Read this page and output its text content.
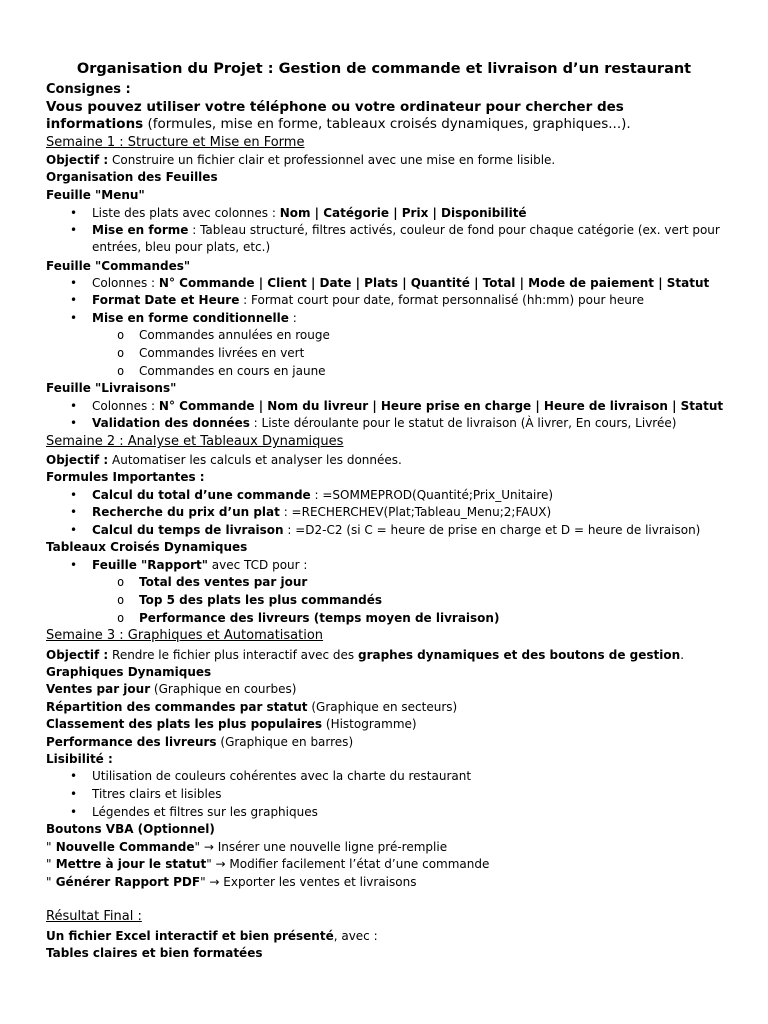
Organisation du Projet : Gestion de commande et livraison d’un restaurant
Consignes :
Vous pouvez utiliser votre téléphone ou votre ordinateur pour chercher des
informations (formules, mise en forme, tableaux croisés dynamiques, graphiques...).
Semaine 1 : Structure et Mise en Forme
Objectif : Construire un fichier clair et professionnel avec une mise en forme lisible.
Organisation des Feuilles
Feuille "Menu"
• Liste des plats avec colonnes : Nom | Catégorie | Prix | Disponibilité
• Mise en forme : Tableau structuré, filtres activés, couleur de fond pour chaque catégorie (ex. vert pour
entrées, bleu pour plats, etc.)
Feuille "Commandes"
• Colonnes : N° Commande | Client | Date | Plats | Quantité | Total | Mode de paiement | Statut
• Format Date et Heure : Format court pour date, format personnalisé (hh:mm) pour heure
• Mise en forme conditionnelle :
o Commandes annulées en rouge
o Commandes livrées en vert
o Commandes en cours en jaune
Feuille "Livraisons"
• Colonnes : N° Commande | Nom du livreur | Heure prise en charge | Heure de livraison | Statut
• Validation des données : Liste déroulante pour le statut de livraison (À livrer, En cours, Livrée)
Semaine 2 : Analyse et Tableaux Dynamiques
Objectif : Automatiser les calculs et analyser les données.
Formules Importantes :
• Calcul du total d’une commande : =SOMMEPROD(Quantité;Prix_Unitaire)
• Recherche du prix d’un plat : =RECHERCHEV(Plat;Tableau_Menu;2;FAUX)
• Calcul du temps de livraison : =D2-C2 (si C = heure de prise en charge et D = heure de livraison)
Tableaux Croisés Dynamiques
• Feuille "Rapport" avec TCD pour :
o Total des ventes par jour
o Top 5 des plats les plus commandés
o Performance des livreurs (temps moyen de livraison)
Semaine 3 : Graphiques et Automatisation
Objectif : Rendre le fichier plus interactif avec des graphes dynamiques et des boutons de gestion.
Graphiques Dynamiques
Ventes par jour (Graphique en courbes)
Répartition des commandes par statut (Graphique en secteurs)
Classement des plats les plus populaires (Histogramme)
Performance des livreurs (Graphique en barres)
Lisibilité :
• Utilisation de couleurs cohérentes avec la charte du restaurant
• Titres clairs et lisibles
• Légendes et filtres sur les graphiques
Boutons VBA (Optionnel)
" Nouvelle Commande" → Insérer une nouvelle ligne pré-remplie
" Mettre à jour le statut" → Modifier facilement l’état d’une commande
" Générer Rapport PDF" → Exporter les ventes et livraisons
Résultat Final :
Un fichier Excel interactif et bien présenté, avec :
Tables claires et bien formatées
